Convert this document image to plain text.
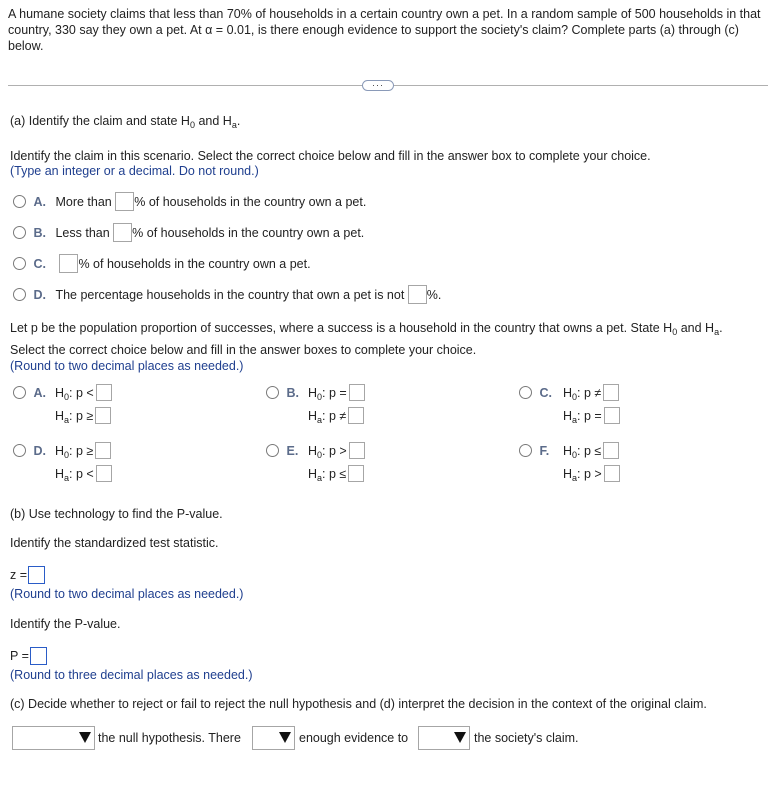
A humane society claims that less than 70% of households in a certain country own a pet. In a random sample of 500 households in that country, 330 say they own a pet. At α = 0.01, is there enough evidence to support the society's claim? Complete parts (a) through (c) below.
···
(a) Identify the claim and state $H_0$ and $H_a$.
Identify the claim in this scenario. Select the correct choice below and fill in the answer box to complete your choice.
(Type an integer or a decimal. Do not round.)
A. More than % of households in the country own a pet.
B. Less than % of households in the country own a pet.
C.	% of households in the country own a pet.
D. The percentage households in the country that own a pet is not %.
Let p be the population proportion of successes, where a success is a household in the country that owns a pet. State $H_0$ and $H_a$.
Select the correct choice below and fill in the answer boxes to complete your choice.
(Round to two decimal places as needed.)
A. $H_0$: p <
$H_a$: p ≥
B. $H_0$: p =
$H_a$: p ≠
C. $H_0$: p ≠
$H_a$: p =
D. $H_0$: p ≥
$H_a$: p <
E. $H_0$: p >
$H_a$: p ≤
F. $H_0$: p ≤
$H_a$: p >
(b) Use technology to find the P-value.
Identify the standardized test statistic.
z =
(Round to two decimal places as needed.)
Identify the P-value.
P =
(Round to three decimal places as needed.)
(c) Decide whether to reject or fail to reject the null hypothesis and (d) interpret the decision in the context of the original claim.
the null hypothesis. There	enough evidence to	the society's claim.
